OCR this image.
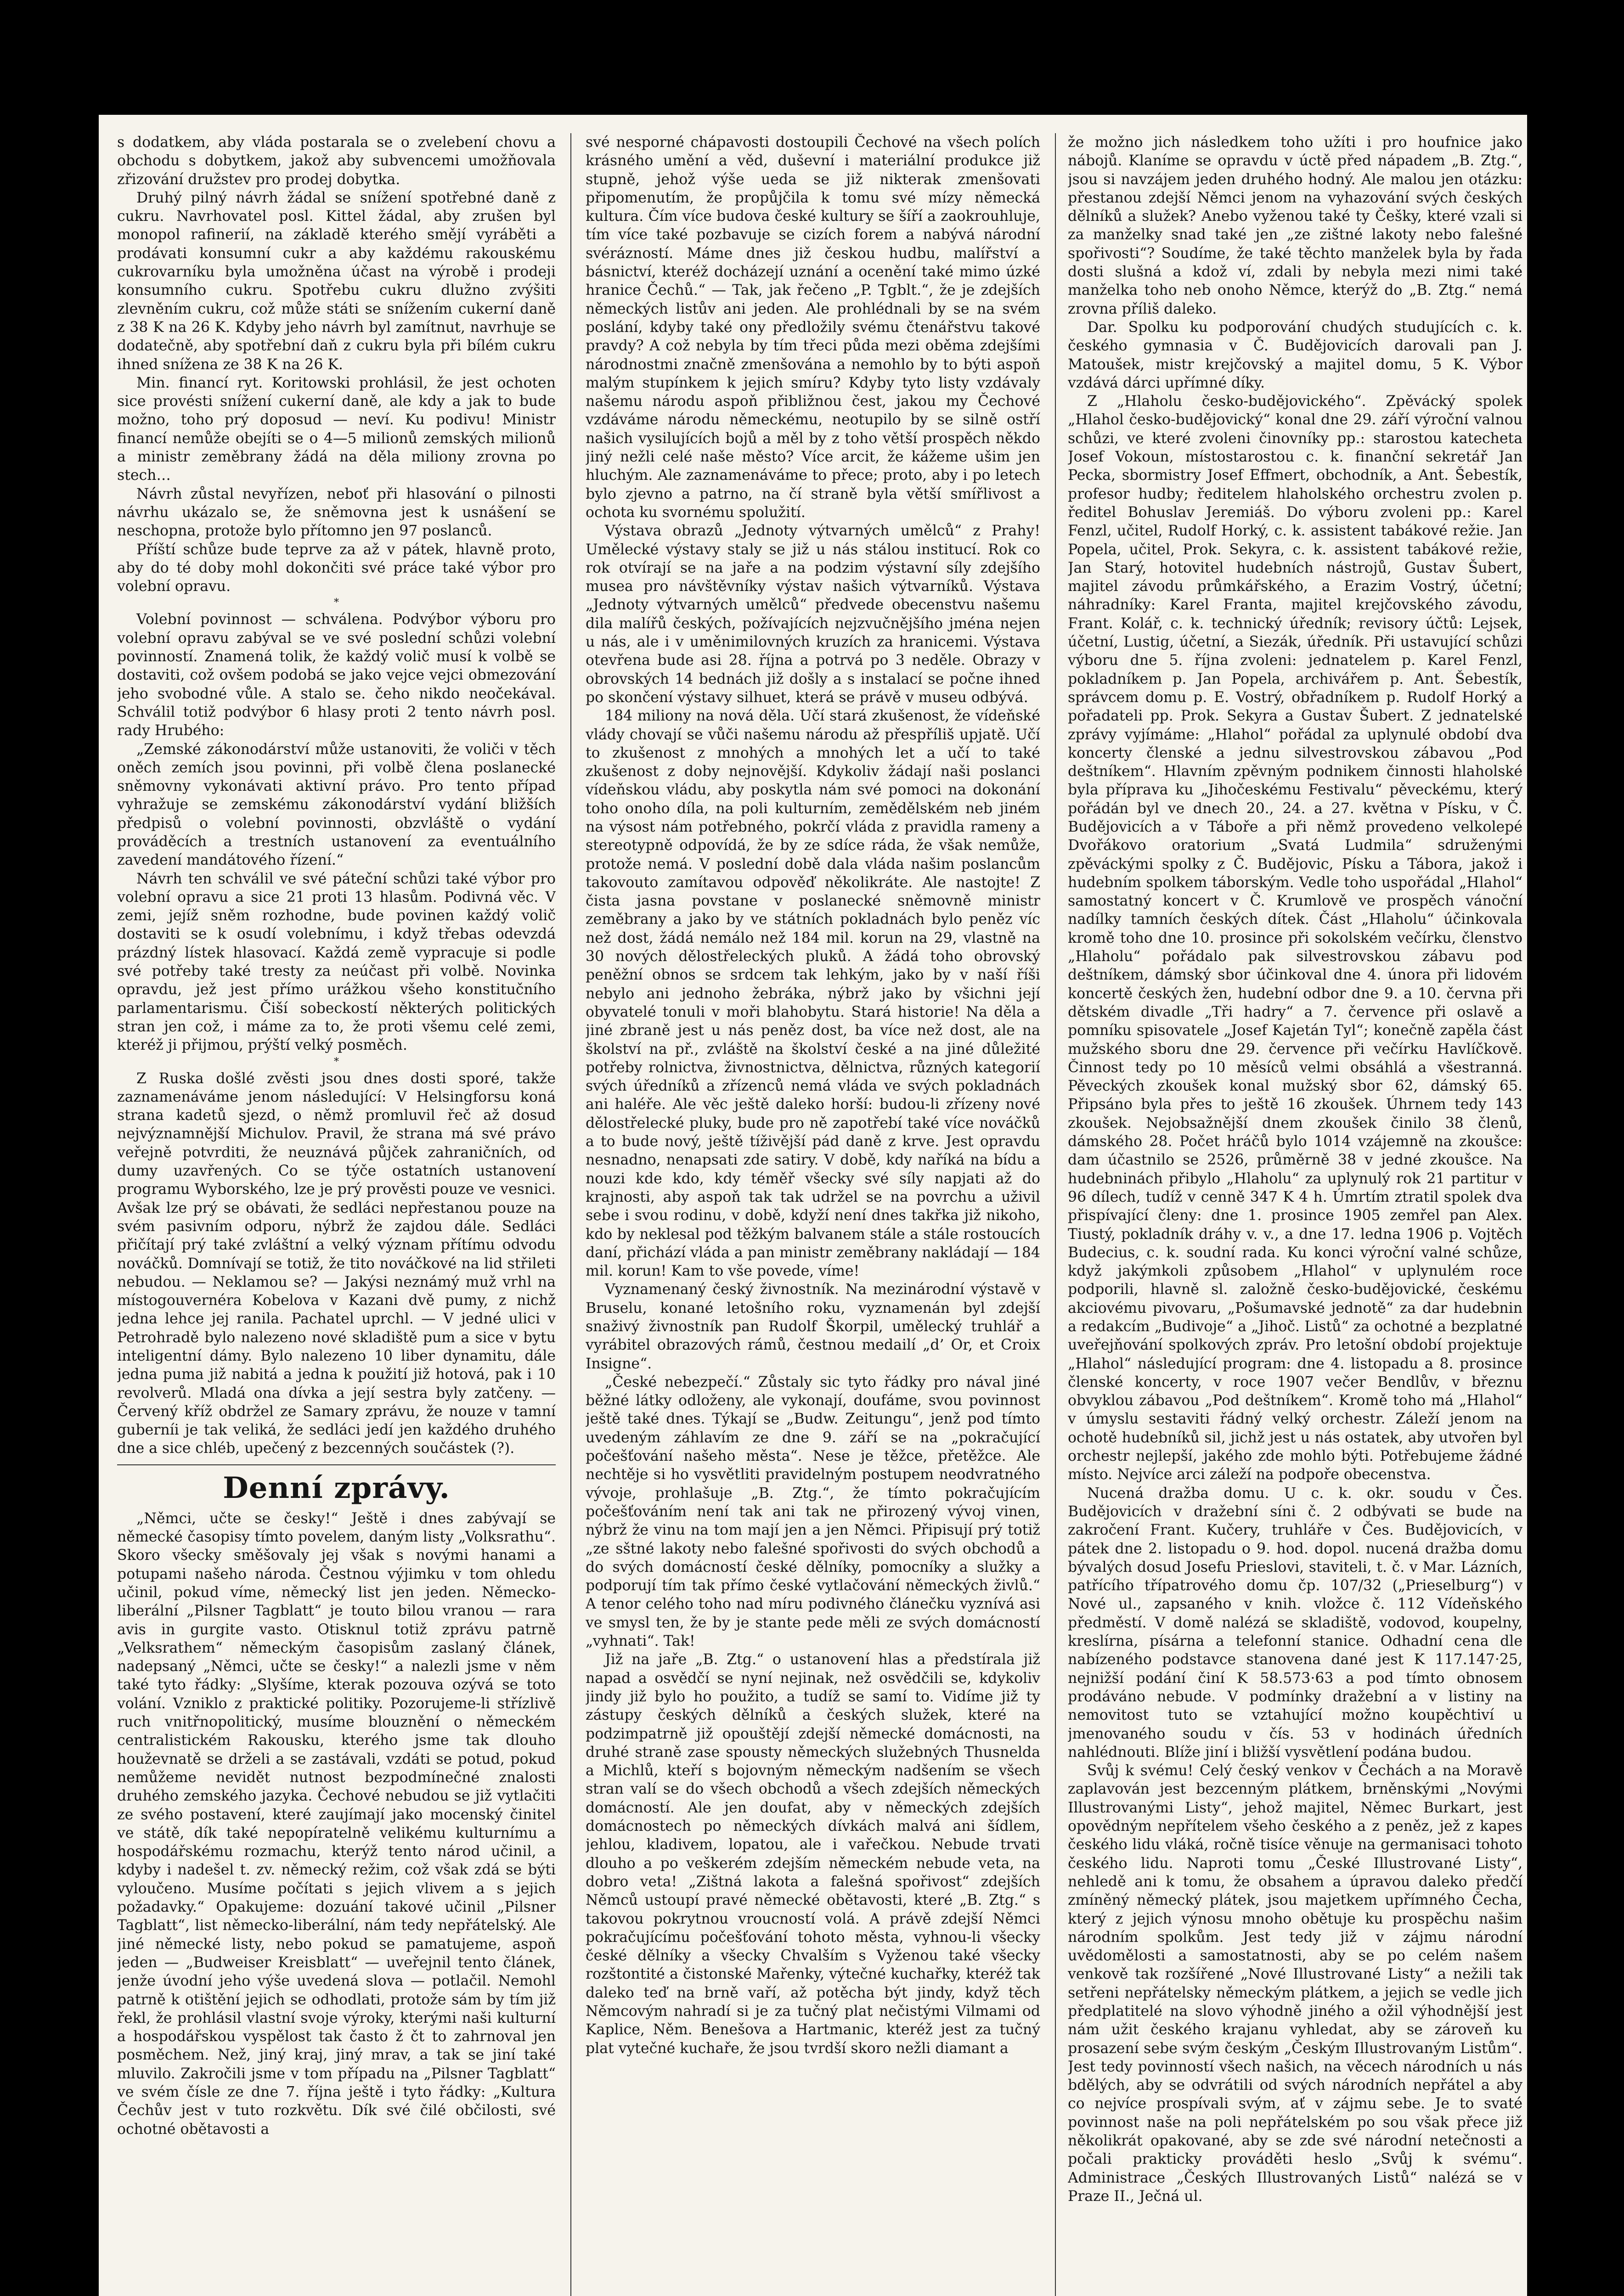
s dodatkem, aby vláda postarala se o zvelebení chovu a obchodu s dobytkem, jakož aby subvencemi umožňovala zřizování družstev pro prodej dobytka.

Druhý pilný návrh žádal se snížení spotřebné daně z cukru. Navrhovatel posl. Kittel žádal, aby zrušen byl monopol rafinerií, na základě kterého smějí vyráběti a prodávati konsumní cukr a aby každému rakouskému cukrovarníku byla umožněna účast na výrobě i prodeji konsumního cukru. Spotřebu cukru dlužno zvýšiti zlevněním cukru, což může státi se snížením cukerní daně z 38 K na 26 K. Kdyby jeho návrh byl zamítnut, navrhuje se dodatečně, aby spotřební daň z cukru byla při bílém cukru ihned snížena ze 38 K na 26 K.

Min. financí ryt. Koritowski prohlásil, že jest ochoten sice provésti snížení cukerní daně, ale kdy a jak to bude možno, toho prý doposud — neví. Ku podivu! Ministr financí nemůže obejíti se o 4—5 milionů zemských milionů a ministr zeměbrany žádá na děla miliony zrovna po stech…

Návrh zůstal nevyřízen, neboť při hlasování o pilnosti návrhu ukázalo se, že sněmovna jest k usnášení se neschopna, protože bylo přítomno jen 97 poslanců.

Příští schůze bude teprve za až v pátek, hlavně proto, aby do té doby mohl dokončiti své práce také výbor pro volební opravu.

*

Volební povinnost — schválena. Podvýbor výboru pro volební opravu zabýval se ve své poslední schůzi volební povinností. Znamená tolik, že každý volič musí k volbě se dostaviti, což ovšem podobá se jako vejce vejci obmezování jeho svobodné vůle. A stalo se. čeho nikdo neočekával. Schválil totiž podvýbor 6 hlasy proti 2 tento návrh posl. rady Hrubého:

„Zemské zákonodárství může ustanoviti, že voliči v těch oněch zemích jsou povinni, při volbě člena poslanecké sněmovny vykonávati aktivní právo. Pro tento případ vyhražuje se zemskému zákonodárství vydání bližších předpisů o volební povinnosti, obzvláště o vydání prováděcích a trestních ustanovení za eventuálního zavedení mandátového řízení.“

Návrh ten schválil ve své páteční schůzi také výbor pro volební opravu a sice 21 proti 13 hlasům. Podivná věc. V zemi, jejíž sněm rozhodne, bude povinen každý volič dostaviti se k osudí volebnímu, i když třebas odevzdá prázdný lístek hlasovací. Každá země vypracuje si podle své potřeby také tresty za neúčast při volbě. Novinka opravdu, jež jest přímo urážkou všeho konstitučního parlamentarismu. Čiší sobeckostí některých politických stran jen což, i máme za to, že proti všemu celé zemi, kteréž ji přijmou, prýští velký posměch.

*

Z Ruska došlé zvěsti jsou dnes dosti sporé, takže zaznamenáváme jenom následující: V Helsingforsu koná strana kadetů sjezd, o němž promluvil řeč až dosud nejvýznamnější Michulov. Pravil, že strana má své právo veřejně potvrditi, že neuznává půjček zahraničních, od dumy uzavřených. Co se týče ostatních ustanovení programu Wyborského, lze je prý prověsti pouze ve vesnici. Avšak lze prý se obávati, že sedláci nepřestanou pouze na svém pasivním odporu, nýbrž že zajdou dále. Sedláci přičítají prý také zvláštní a velký význam přítímu odvodu nováčků. Domnívají se totiž, že tito nováčkové na lid střileti nebudou. — Neklamou se? — Jakýsi neznámý muž vrhl na místogouvernéra Kobelova v Kazani dvě pumy, z nichž jedna lehce jej ranila. Pachatel uprchl. — V jedné ulici v Petrohradě bylo nalezeno nové skladiště pum a sice v bytu inteligentní dámy. Bylo nalezeno 10 liber dynamitu, dále jedna puma již nabitá a jedna k použití již hotová, pak i 10 revolverů. Mladá ona dívka a její sestra byly zatčeny. — Červený kříž obdržel ze Samary zprávu, že nouze v tamní guberníi je tak veliká, že sedláci jedí jen každého druhého dne a sice chléb, upečený z bezcenných součástek (?).

Denní zprávy.

„Němci, učte se česky!“ Ještě i dnes zabývají se německé časopisy tímto povelem, daným listy „Volksrathu“. Skoro všecky směšovaly jej však s novými hanami a potupami našeho národa. Čestnou výjimku v tom ohledu učinil, pokud víme, německý list jen jeden. Německo-liberální „Pilsner Tagblatt“ je touto bilou vranou — rara avis in gurgite vasto. Otisknul totiž zprávu patrně „Velksrathem“ německým časopisům zaslaný článek, nadepsaný „Němci, učte se česky!“ a nalezli jsme v něm také tyto řádky: „Slyšíme, kterak pozouva ozývá se toto volání. Vzniklo z praktické politiky. Pozorujeme-li střízlivě ruch vnitřnopolitický, musíme blouznění o německém centralistickém Rakousku, kterého jsme tak dlouho houževnatě se drželi a se zastávali, vzdáti se potud, pokud nemůžeme nevidět nutnost bezpodmínečné znalosti druhého zemského jazyka. Čechové nebudou se již vytlačiti ze svého postavení, které zaujímají jako mocenský činitel ve státě, dík také nepopíratelně velikému kulturnímu a hospodářskému rozmachu, kterýž tento národ učinil, a kdyby i nadešel t. zv. německý režim, což však zdá se býti vyloučeno. Musíme počítati s jejich vlivem a s jejich požadavky.“ Opakujeme: dozuání takové učinil „Pilsner Tagblatt“, list německo-liberální, nám tedy nepřátelský. Ale jiné německé listy, nebo pokud se pamatujeme, aspoň jeden — „Budweiser Kreisblatt“ — uveřejnil tento článek, jenže úvodní jeho výše uvedená slova — potlačil. Nemohl patrně k otištění jejich se odhodlati, protože sám by tím již řekl, že prohlásil vlastní svoje výroky, kterými naši kulturní a hospodářskou vyspělost tak často ž čt to zahrnoval jen posměchem. Než, jiný kraj, jiný mrav, a tak se jiní také mluvilo. Zakročili jsme v tom případu na „Pilsner Tagblatt“ ve svém čísle ze dne 7. října ještě i tyto řádky: „Kultura Čechův jest v tuto rozkvětu. Dík své čilé občilosti, své ochotné obětavosti a

své nesporné chápavosti dostoupili Čechové na všech polích krásného umění a věd, duševní i materiální produkce již stupně, jehož výše ueda se již nikterak zmenšovati připomenutím, že propůjčila k tomu své mízy německá kultura. Čím více budova české kultury se šíří a zaokrouhluje, tím více také pozbavuje se cizích forem a nabývá národní svérázností. Máme dnes již českou hudbu, malířství a básnictví, kteréž docházejí uznání a ocenění také mimo úzké hranice Čechů.“ — Tak, jak řečeno „P. Tgblt.“, že je zdejších německých listův ani jeden. Ale prohlédnali by se na svém poslání, kdyby také ony předložily svému čtenářstvu takové pravdy? A což nebyla by tím třeci půda mezi oběma zdejšími národnostmi značně zmenšována a nemohlo by to býti aspoň malým stupínkem k jejich smíru? Kdyby tyto listy vzdávaly našemu národu aspoň přibližnou čest, jakou my Čechové vzdáváme národu německému, neotupilo by se silně ostří našich vysilujících bojů a měl by z toho větší prospěch někdo jiný nežli celé naše město? Více arcit, že kážeme ušim jen hluchým. Ale zaznamenáváme to přece; proto, aby i po letech bylo zjevno a patrno, na čí straně byla větší smířlivost a ochota ku svornému spolužití.

Výstava obrazů „Jednoty výtvarných umělců“ z Prahy! Umělecké výstavy staly se již u nás stálou institucí. Rok co rok otvírají se na jaře a na podzim výstavní síly zdejšího musea pro návštěvníky výstav našich výtvarníků. Výstava „Jednoty výtvarných umělců“ předvede obecenstvu našemu dila malířů českých, požívajících nejzvučnějšího jména nejen u nás, ale i v uměnimilovných kruzích za hranicemi. Výstava otevřena bude asi 28. října a potrvá po 3 neděle. Obrazy v obrovských 14 bednách již došly a s instalací se počne ihned po skončení výstavy silhuet, která se právě v museu odbývá.

184 miliony na nová děla. Učí stará zkušenost, že vídeňské vlády chovají se vůči našemu národu až přespříliš upjatě. Učí to zkušenost z mnohých a mnohých let a učí to také zkušenost z doby nejnovější. Kdykoliv žádají naši poslanci vídeňskou vládu, aby poskytla nám své pomoci na dokonání toho onoho díla, na poli kulturním, zemědělském neb jiném na výsost nám potřebného, pokrčí vláda z pravidla rameny a stereotypně odpovídá, že by ze sdíce ráda, že však nemůže, protože nemá. V poslední době dala vláda našim poslancům takovouto zamítavou odpověď několikráte. Ale nastojte! Z čista jasna povstane v poslanecké sněmovně ministr zeměbrany a jako by ve státních pokladnách bylo peněz víc než dost, žádá nemálo než 184 mil. korun na 29, vlastně na 30 nových dělostřeleckých pluků. A žádá toho obrovský peněžní obnos se srdcem tak lehkým, jako by v naší říši nebylo ani jednoho žebráka, nýbrž jako by všichni její obyvatelé tonuli v moři blahobytu. Stará historie! Na děla a jiné zbraně jest u nás peněz dost, ba více než dost, ale na školství na př., zvláště na školství české a na jiné důležité potřeby rolnictva, živnostnictva, dělnictva, různých kategorií svých úředníků a zřízenců nemá vláda ve svých pokladnách ani haléře. Ale věc ještě daleko horší: budou-li zřízeny nové dělostřelecké pluky, bude pro ně zapotřebí také více nováčků a to bude nový, ještě tíživější pád daně z krve. Jest opravdu nesnadno, nenapsati zde satiry. V době, kdy naříká na bídu a nouzi kde kdo, kdy téměř všecky své síly napjati až do krajnosti, aby aspoň tak tak udržel se na povrchu a uživil sebe i svou rodinu, v době, kdyží není dnes takřka již nikoho, kdo by neklesal pod těžkým balvanem stále a stále rostoucích daní, přichází vláda a pan ministr zeměbrany nakládají — 184 mil. korun! Kam to vše povede, víme!

Vyznamenaný český živnostník. Na mezinárodní výstavě v Bruselu, konané letošního roku, vyznamenán byl zdejší snaživý živnostník pan Rudolf Škorpil, umělecký truhlář a vyrábitel obrazových rámů, čestnou medailí „d’ Or, et Croix Insigne“.

„České nebezpečí.“ Zůstaly sic tyto řádky pro nával jiné běžné látky odloženy, ale vykonají, doufáme, svou povinnost ještě také dnes. Týkají se „Budw. Zeitungu“, jenž pod tímto uvedeným záhlavím ze dne 9. září se na „pokračující počešťování našeho města“. Nese je těžce, přetěžce. Ale nechtěje si ho vysvětliti pravidelným postupem neodvratného vývoje, prohlašuje „B. Ztg.“, že tímto pokračujícím počešťováním není tak ani tak ne přirozený vývoj vinen, nýbrž že vinu na tom mají jen a jen Němci. Připisují prý totiž „ze sštné lakoty nebo falešné spořivosti do svých obchodů a do svých domácností české dělníky, pomocníky a služky a podporují tím tak přímo české vytlačování německých živlů.“ A tenor celého toho nad míru podivného článečku vyznívá asi ve smysl ten, že by je stante pede měli ze svých domácností „vyhnati“. Tak!

Již na jaře „B. Ztg.“ o ustanovení hlas a předstírala již napad a osvědčí se nyní nejinak, než osvědčili se, kdykoliv jindy již bylo ho použito, a tudíž se samí to. Vidíme již ty zástupy českých dělníků a českých služek, které na podzimpatrně již opouštějí zdejší německé domácnosti, na druhé straně zase spousty německých služebných Thusnelda a Michlů, kteří s bojovným německým nadšením se všech stran valí se do všech obchodů a všech zdejších německých domácností. Ale jen doufat, aby v německých zdejších domácnostech po německých dívkách malvá ani šídlem, jehlou, kladivem, lopatou, ale i vařečkou. Nebude trvati dlouho a po veškerém zdejším německém nebude veta, na dobro veta! „Zištná lakota a falešná spořivost“ zdejších Němců ustoupí pravé německé obětavosti, které „B. Ztg.“ s takovou pokrytnou vroucností volá. A právě zdejší Němci pokračujícímu počešťování tohoto města, vyhnou-li všecky české dělníky a všecky Chvalším s Vyženou také všecky rozštontité a čistonské Mařenky, výtečné kuchařky, kteréž tak daleko teď na brně vaří, až potěcha být jindy, když těch Němcovým nahradí si je za tučný plat nečistými Vilmami od Kaplice, Něm. Benešova a Hartmanic, kteréž jest za tučný plat vytečné kuchaře, že jsou tvrdší skoro nežli diamant a

že možno jich následkem toho užíti i pro houfnice jako nábojů. Klaníme se opravdu v úctě před nápadem „B. Ztg.“, jsou si navzájem jeden druhého hodný. Ale malou jen otázku: přestanou zdejší Němci jenom na vyhazování svých českých dělníků a služek? Anebo vyženou také ty Češky, které vzali si za manželky snad také jen „ze zištné lakoty nebo falešné spořivosti“? Soudíme, že také těchto manželek byla by řada dosti slušná a kdož ví, zdali by nebyla mezi nimi také manželka toho neb onoho Němce, kterýž do „B. Ztg.“ nemá zrovna příliš daleko.

Dar. Spolku ku podporování chudých studujících c. k. českého gymnasia v Č. Budějovicích darovali pan J. Matoušek, mistr krejčovský a majitel domu, 5 K. Výbor vzdává dárci upřímné díky.

Z „Hlaholu česko-budějovického“. Zpěvácký spolek „Hlahol česko-budějovický“ konal dne 29. září výroční valnou schůzi, ve které zvoleni činovníky pp.: starostou katecheta Josef Vokoun, místostarostou c. k. finanční sekretář Jan Pecka, sbormistry Josef Effmert, obchodník, a Ant. Šebestík, profesor hudby; ředitelem hlaholského orchestru zvolen p. ředitel Bohuslav Jeremiáš. Do výboru zvoleni pp.: Karel Fenzl, učitel, Rudolf Horký, c. k. assistent tabákové režie. Jan Popela, učitel, Prok. Sekyra, c. k. assistent tabákové režie, Jan Starý, hotovitel hudebních nástrojů, Gustav Šubert, majitel závodu průmkářského, a Erazim Vostrý, účetní; náhradníky: Karel Franta, majitel krejčovského závodu, Frant. Kolář, c. k. technický úředník; revisory účtů: Lejsek, účetní, Lustig, účetní, a Siezák, úředník. Při ustavující schůzi výboru dne 5. října zvoleni: jednatelem p. Karel Fenzl, pokladníkem p. Jan Popela, archivářem p. Ant. Šebestík, správcem domu p. E. Vostrý, obřadníkem p. Rudolf Horký a pořadateli pp. Prok. Sekyra a Gustav Šubert. Z jednatelské zprávy vyjímáme: „Hlahol“ pořádal za uplynulé období dva koncerty členské a jednu silvestrovskou zábavou „Pod deštníkem“. Hlavním zpěvným podnikem činnosti hlaholské byla příprava ku „Jihočeskému Festivalu“ pěveckému, který pořádán byl ve dnech 20., 24. a 27. května v Písku, v Č. Budějovicích a v Táboře a při němž provedeno velkolepé Dvořákovo oratorium „Svatá Ludmila“ sdruženými zpěváckými spolky z Č. Budějovic, Písku a Tábora, jakož i hudebním spolkem táborským. Vedle toho uspořádal „Hlahol“ samostatný koncert v Č. Krumlově ve prospěch vánoční nadílky tamních českých dítek. Část „Hlaholu“ účinkovala kromě toho dne 10. prosince při sokolském večírku, členstvo „Hlaholu“ pořádalo pak silvestrovskou zábavu pod deštníkem, dámský sbor účinkoval dne 4. února při lidovém koncertě českých žen, hudební odbor dne 9. a 10. června při dětském divadle „Tři hadry“ a 7. července při oslavě a pomníku spisovatele „Josef Kajetán Tyl“; konečně zapěla část mužského sboru dne 29. července při večírku Havlíčkově. Činnost tedy po 10 měsíců velmi obsáhlá a všestranná. Pěveckých zkoušek konal mužský sbor 62, dámský 65. Připsáno byla přes to ještě 16 zkoušek. Úhrnem tedy 143 zkoušek. Nejobsažnější dnem zkoušek činilo 38 členů, dámského 28. Počet hráčů bylo 1014 vzájemně na zkoušce: dam účastnilo se 2526, průměrně 38 v jedné zkoušce. Na hudebninách přibylo „Hlaholu“ za uplynulý rok 21 partitur v 96 dílech, tudíž v cenně 347 K 4 h. Úmrtím ztratil spolek dva přispívající členy: dne 1. prosince 1905 zemřel pan Alex. Tiustý, pokladník dráhy v. v., a dne 17. ledna 1906 p. Vojtěch Budecius, c. k. soudní rada. Ku konci výroční valné schůze, když jakýmkoli způsobem „Hlahol“ v uplynulém roce podporili, hlavně sl. založně česko-budějovické, českému akciovému pivovaru, „Pošumavské jednotě“ za dar hudebnin a redakcím „Budivoje“ a „Jihoč. Listů“ za ochotné a bezplatné uveřejňování spolkových zpráv. Pro letošní období projektuje „Hlahol“ následující program: dne 4. listopadu a 8. prosince členské koncerty, v roce 1907 večer Bendlův, v březnu obvyklou zábavou „Pod deštníkem“. Kromě toho má „Hlahol“ v úmyslu sestaviti řádný velký orchestr. Záleží jenom na ochotě hudebníků sil, jichž jest u nás ostatek, aby utvořen byl orchestr nejlepší, jakého zde mohlo býti. Potřebujeme žádné místo. Nejvíce arci záleží na podpoře obecenstva.

Nucená dražba domu. U c. k. okr. soudu v Čes. Budějovicích v dražební síni č. 2 odbývati se bude na zakročení Frant. Kučery, truhláře v Čes. Budějovicích, v pátek dne 2. listopadu o 9. hod. dopol. nucená dražba domu bývalých dosud Josefu Prieslovi, staviteli, t. č. v Mar. Lázních, patřícího třípatrového domu čp. 107/32 („Prieselburg“) v Nové ul., zapsaného v knih. vložce č. 112 Vídeňského předměstí. V domě nalézá se skladiště, vodovod, koupelny, kreslírna, písárna a telefonní stanice. Odhadní cena dle nabízeného podstavce stanovena dané jest K 117.147·25, nejnižší podání činí K 58.573·63 a pod tímto obnosem prodáváno nebude. V podmínky dražební a v listiny na nemovitost tuto se vztahující možno koupěchtiví u jmenovaného soudu v čís. 53 v hodinách úředních nahlédnouti. Blíže jiní i bližší vysvětlení podána budou.

Svůj k svému! Celý český venkov v Čechách a na Moravě zaplavován jest bezcenným plátkem, brněnskými „Novými Illustrovanými Listy“, jehož majitel, Němec Burkart, jest opovědným nepřítelem všeho českého a z peněz, jež z kapes českého lidu vláká, ročně tisíce věnuje na germanisaci tohoto českého lidu. Naproti tomu „České Illustrované Listy“, nehledě ani k tomu, že obsahem a úpravou daleko předčí zmíněný německý plátek, jsou majetkem upřímného Čecha, který z jejich výnosu mnoho obětuje ku prospěchu našim národním spolkům. Jest tedy již v zájmu národní uvědomělosti a samostatnosti, aby se po celém našem venkově tak rozšířené „Nové Illustrované Listy“ a nežili tak setřeni nepřátelsky německým plátkem, a jejich se vedle jich předplatitelé na slovo výhodně jiného a ožil výhodnější jest nám užit českého krajanu vyhledat, aby se zároveň ku prosazení sebe svým českým „Českým Illustrovaným Listům“. Jest tedy povinností všech našich, na věcech národních u nás bdělých, aby se odvrátili od svých národních nepřátel a aby co nejvíce prospívali svým, ať v zájmu sebe. Je to svaté povinnost naše na poli nepřátelském po sou však přece již několikrát opakované, aby se zde své národní netečnosti a počali prakticky prováděti heslo „Svůj k svému“. Administrace „Českých Illustrovaných Listů“ nalézá se v Praze II., Ječná ul.
